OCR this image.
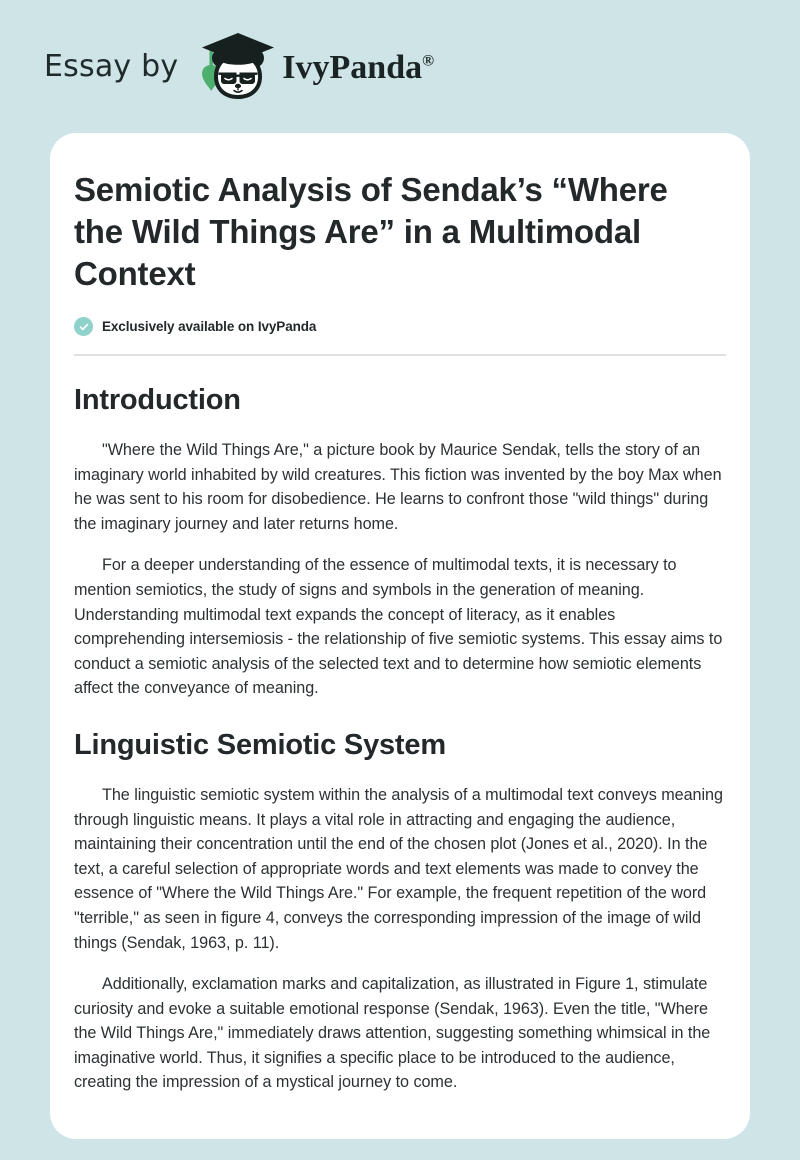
Essay by	IvyPanda®
Semiotic Analysis of Sendak’s “Where the Wild Things Are” in a Multimodal Context
Exclusively available on IvyPanda
Introduction

"Where the Wild Things Are," a picture book by Maurice Sendak, tells the story of an imaginary world inhabited by wild creatures. This fiction was invented by the boy Max when he was sent to his room for disobedience. He learns to confront those "wild things" during the imaginary journey and later returns home.

For a deeper understanding of the essence of multimodal texts, it is necessary to mention semiotics, the study of signs and symbols in the generation of meaning. Understanding multimodal text expands the concept of literacy, as it enables comprehending intersemiosis - the relationship of five semiotic systems. This essay aims to conduct a semiotic analysis of the selected text and to determine how semiotic elements affect the conveyance of meaning.

Linguistic Semiotic System

The linguistic semiotic system within the analysis of a multimodal text conveys meaning through linguistic means. It plays a vital role in attracting and engaging the audience, maintaining their concentration until the end of the chosen plot (Jones et al., 2020). In the text, a careful selection of appropriate words and text elements was made to convey the essence of "Where the Wild Things Are." For example, the frequent repetition of the word "terrible," as seen in figure 4, conveys the corresponding impression of the image of wild things (Sendak, 1963, p. 11).

Additionally, exclamation marks and capitalization, as illustrated in Figure 1, stimulate curiosity and evoke a suitable emotional response (Sendak, 1963). Even the title, "Where the Wild Things Are," immediately draws attention, suggesting something whimsical in the imaginative world. Thus, it signifies a specific place to be introduced to the audience, creating the impression of a mystical journey to come.
